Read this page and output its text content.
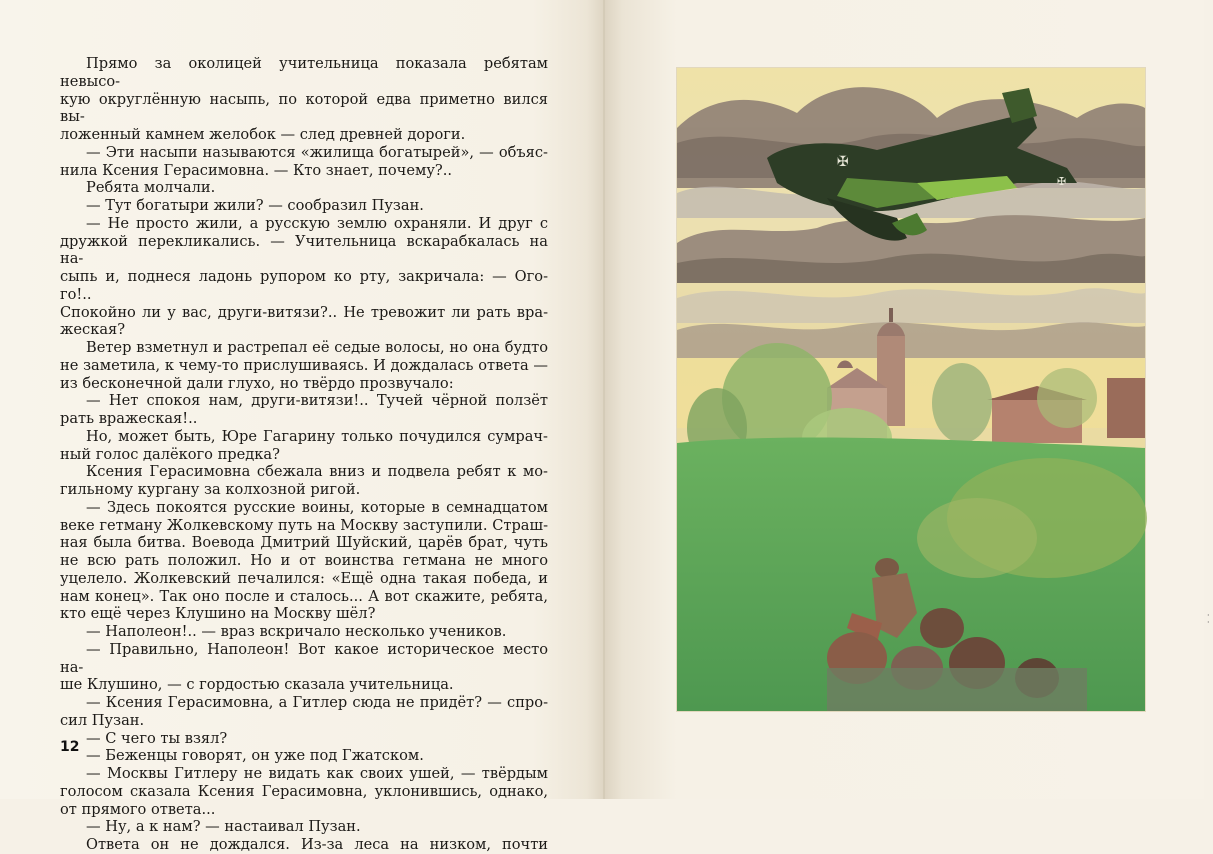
Прямо за околицей учительница показала ребятам невысо-

кую округлённую насыпь, по которой едва приметно вился вы-

ложенный камнем желобок — след древней дороги.

— Эти насыпи называются «жилища богатырей», — объяс-

нила Ксения Герасимовна. — Кто знает, почему?..

Ребята молчали.

— Тут богатыри жили? — сообразил Пузан.

— Не просто жили, а русскую землю охраняли. И друг с

дружкой перекликались. — Учительница вскарабкалась на на-

сыпь и, поднеся ладонь рупором ко рту, закричала: — Ого-го!..

Спокойно ли у вас, други-витязи?.. Не тревожит ли рать вра-

жеская?

Ветер взметнул и растрепал её седые волосы, но она будто

не заметила, к чему-то прислушиваясь. И дождалась ответа —

из бесконечной дали глухо, но твёрдо прозвучало:

— Нет спокоя нам, други-витязи!.. Тучей чёрной ползёт

рать вражеская!..

Но, может быть, Юре Гагарину только почудился сумрач-

ный голос далёкого предка?

Ксения Герасимовна сбежала вниз и подвела ребят к мо-

гильному кургану за колхозной ригой.

— Здесь покоятся русские воины, которые в семнадцатом

веке гетману Жолкевскому путь на Москву заступили. Страш-

ная была битва. Воевода Дмитрий Шуйский, царёв брат, чуть

не всю рать положил. Но и от воинства гетмана не много

уцелело. Жолкевский печалился: «Ещё одна такая победа, и

нам конец». Так оно после и сталось... А вот скажите, ребята,

кто ещё через Клушино на Москву шёл?

— Наполеон!.. — враз вскричало несколько учеников.

— Правильно, Наполеон! Вот какое историческое место на-

ше Клушино, — с гордостью сказала учительница.

— Ксения Герасимовна, а Гитлер сюда не придёт? — спро-

сил Пузан.

— С чего ты взял?

— Беженцы говорят, он уже под Гжатском.

— Москвы Гитлеру не видать как своих ушей, — твёрдым

голосом сказала Ксения Герасимовна, уклонившись, однако,

от прямого ответа...

— Ну, а к нам? — настаивал Пузан.

Ответа он не дождался. Из-за леса на низком, почти

12
·
·
✠
✠
